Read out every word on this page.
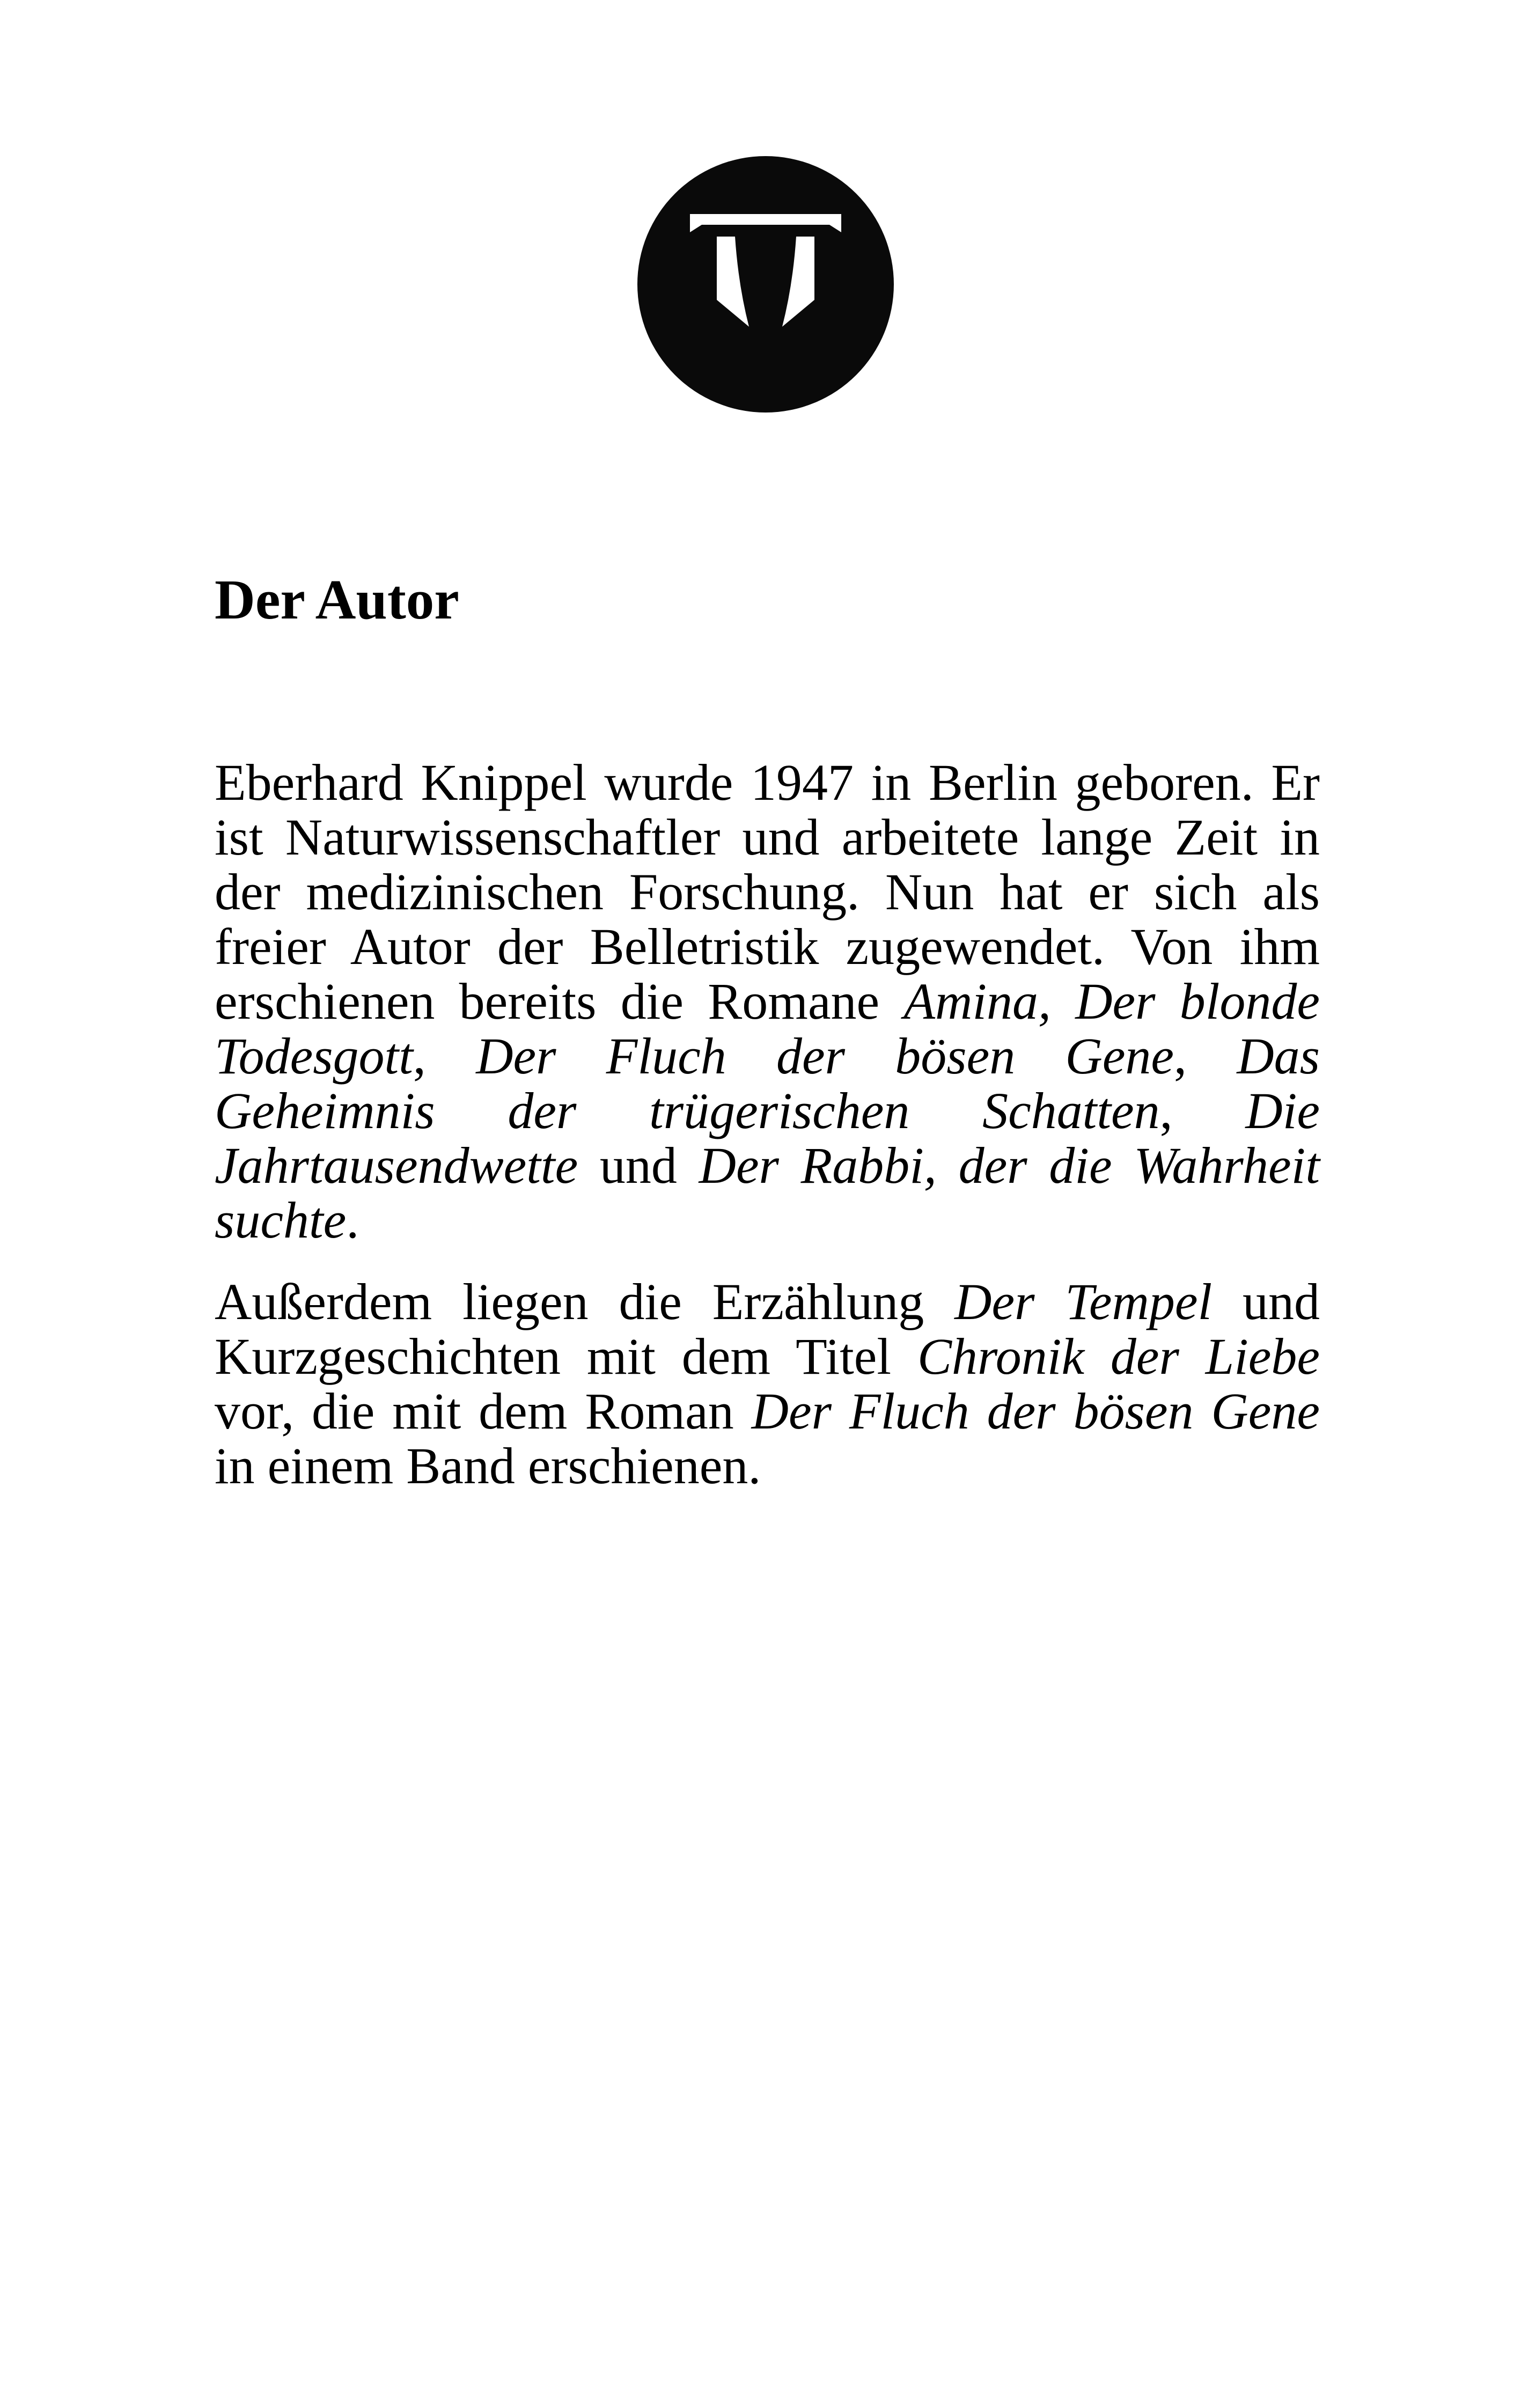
Der Autor

Eberhard Knippel wurde 1947 in Berlin geboren. Er ist Naturwissenschaftler und arbeitete lange Zeit in der medizinischen Forschung. Nun hat er sich als freier Autor der Belletristik zugewendet. Von ihm erschienen bereits die Romane Amina, Der blonde Todesgott, Der Fluch der bösen Gene, Das Geheimnis der trügerischen Schatten, Die Jahrtausendwette und Der Rabbi, der die Wahrheit suchte.

Außerdem liegen die Erzählung Der Tempel und Kurzgeschichten mit dem Titel Chronik der Liebe vor, die mit dem Roman Der Fluch der bösen Gene in einem Band erschienen.
